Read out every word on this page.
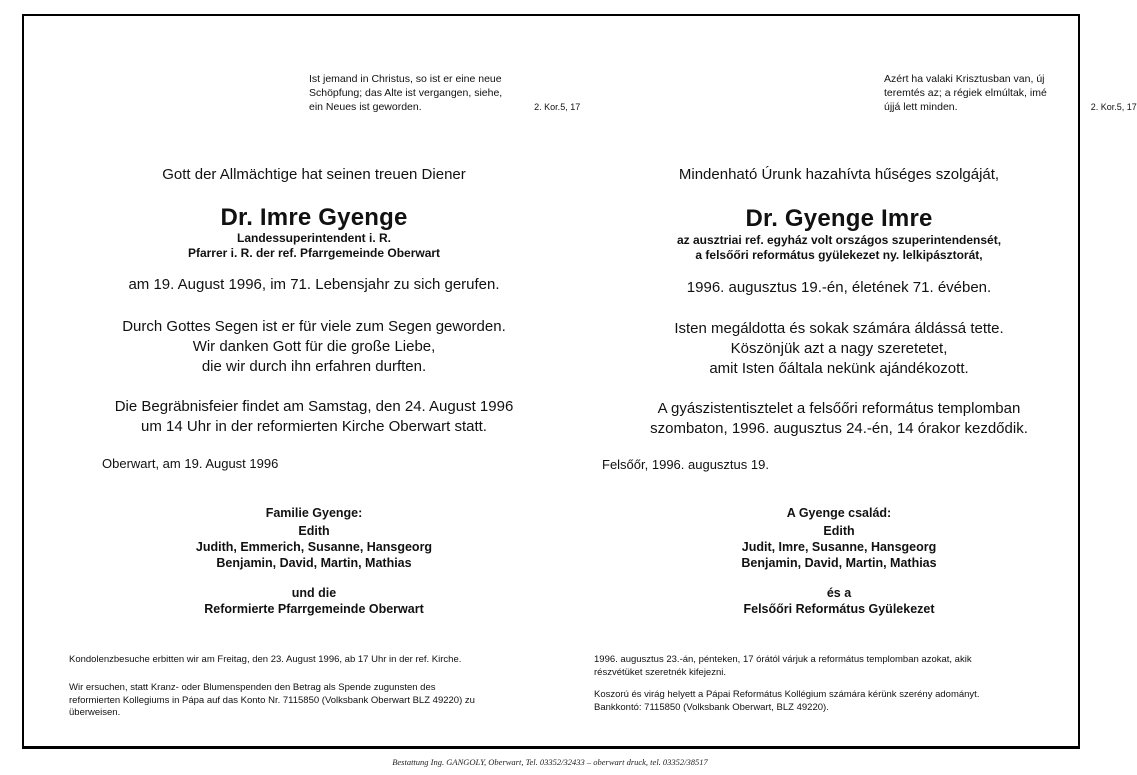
Ist jemand in Christus, so ist er eine neue
Schöpfung; das Alte ist vergangen, siehe,
ein Neues ist geworden.	2. Kor.5, 17
Gott der Allmächtige hat seinen treuen Diener
Dr. Imre Gyenge
Landessuperintendent i. R.
Pfarrer i. R. der ref. Pfarrgemeinde Oberwart
am 19. August 1996, im 71. Lebensjahr zu sich gerufen.
Durch Gottes Segen ist er für viele zum Segen geworden.
Wir danken Gott für die große Liebe,
die wir durch ihn erfahren durften.
Die Begräbnisfeier findet am Samstag, den 24. August 1996
um 14 Uhr in der reformierten Kirche Oberwart statt.
Oberwart, am 19. August 1996
Familie Gyenge:
Edith
Judith, Emmerich, Susanne, Hansgeorg
Benjamin, David, Martin, Mathias
und die
Reformierte Pfarrgemeinde Oberwart
Kondolenzbesuche erbitten wir am Freitag, den 23. August 1996, ab 17 Uhr in der ref. Kirche.
Wir ersuchen, statt Kranz- oder Blumenspenden den Betrag als Spende zugunsten des
reformierten Kollegiums in Pápa auf das Konto Nr. 7115850 (Volksbank Oberwart BLZ 49220) zu
überweisen.
Azért ha valaki Krisztusban van, új
teremtés az; a régiek elmúltak, imé
újjá lett minden.	2. Kor.5, 17
Mindenható Úrunk hazahívta hűséges szolgáját,
Dr. Gyenge Imre
az ausztriai ref. egyház volt országos szuperintendensét,
a felsőőri református gyülekezet ny. lelkipásztorát,
1996. augusztus 19.-én, életének 71. évében.
Isten megáldotta és sokak számára áldássá tette.
Köszönjük azt a nagy szeretetet,
amit Isten őáltala nekünk ajándékozott.
A gyászistentisztelet a felsőőri református templomban
szombaton, 1996. augusztus 24.-én, 14 órakor kezdődik.
Felsőőr, 1996. augusztus 19.
A Gyenge család:
Edith
Judit, Imre, Susanne, Hansgeorg
Benjamin, David, Martin, Mathias
és a
Felsőőri Református Gyülekezet
1996. augusztus 23.-án, pénteken, 17 órától várjuk a református templomban azokat, akik
részvétüket szeretnék kifejezni.
Koszorú és virág helyett a Pápai Református Kollégium számára kérünk szerény adományt.
Bankkontó: 7115850 (Volksbank Oberwart, BLZ 49220).
Bestattung Ing. GANGOLY, Oberwart, Tel. 03352/32433 – oberwart druck, tel. 03352/38517
